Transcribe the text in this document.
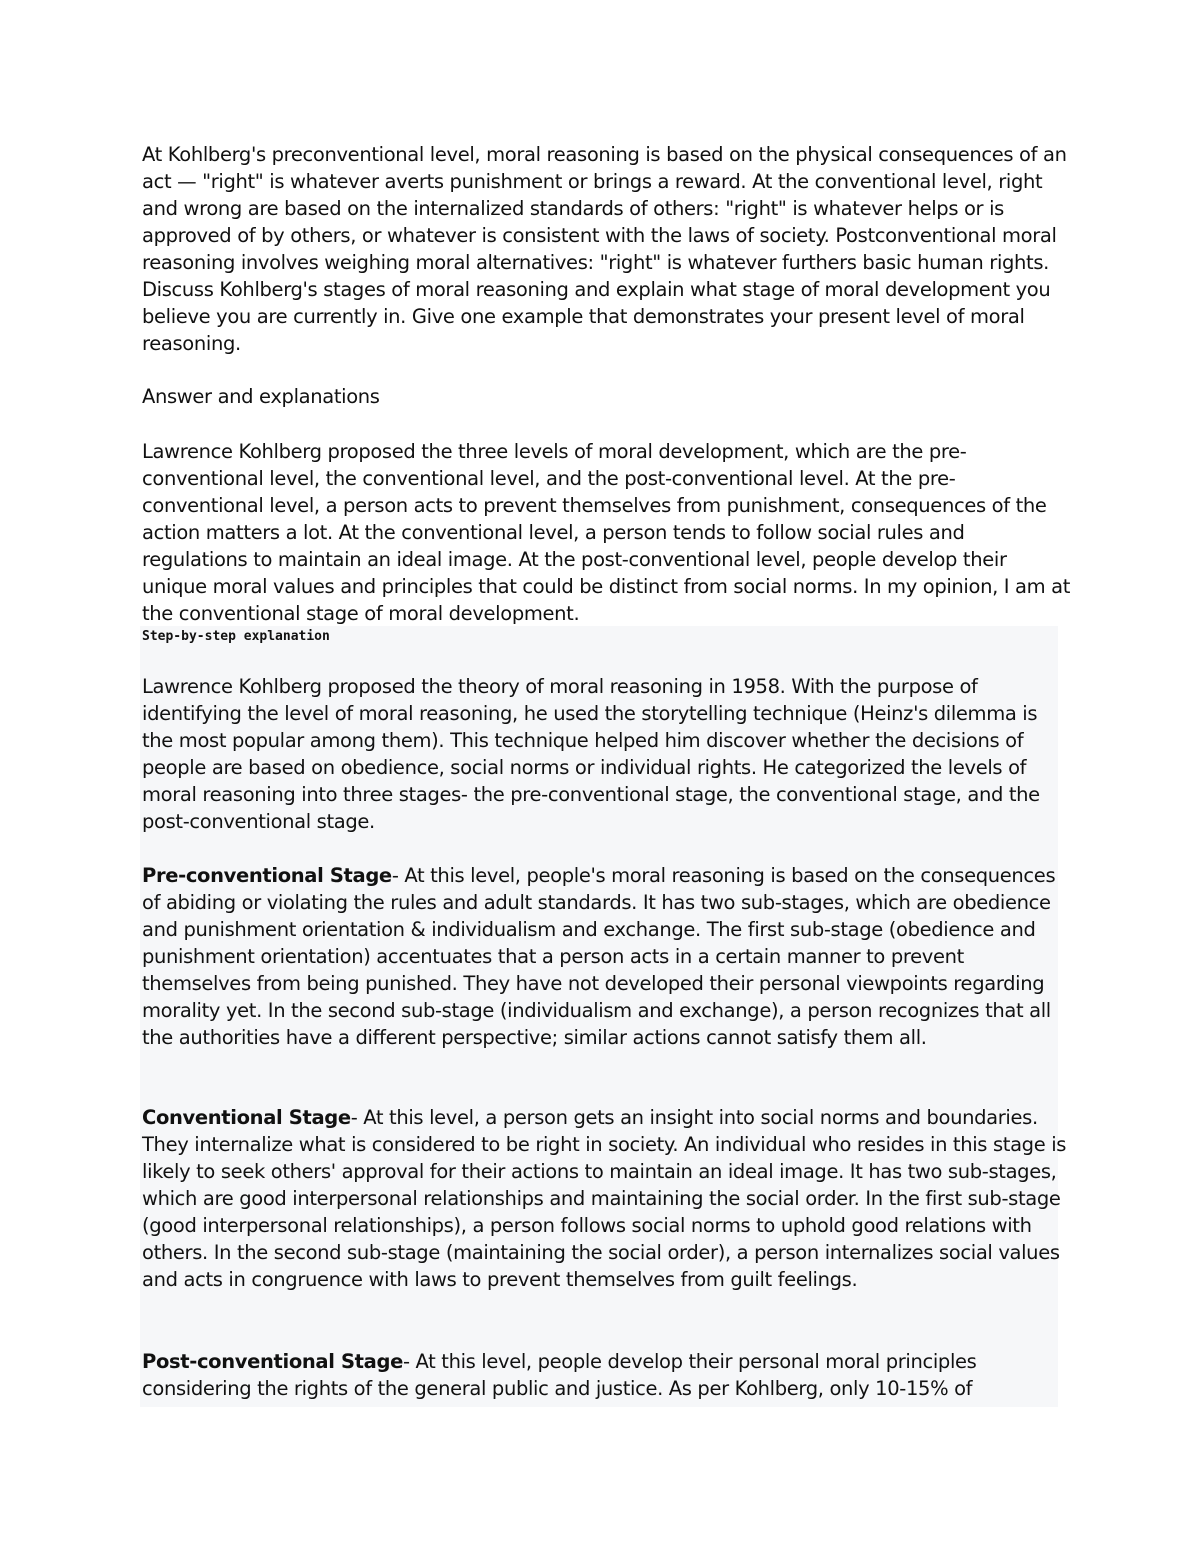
At Kohlberg's preconventional level, moral reasoning is based on the physical consequences of an act — "right" is whatever averts punishment or brings a reward. At the conventional level, right and wrong are based on the internalized standards of others: "right" is whatever helps or is approved of by others, or whatever is consistent with the laws of society. Postconventional moral reasoning involves weighing moral alternatives: "right" is whatever furthers basic human rights. Discuss Kohlberg's stages of moral reasoning and explain what stage of moral development you believe you are currently in. Give one example that demonstrates your present level of moral reasoning.

Answer and explanations

Lawrence Kohlberg proposed the three levels of moral development, which are the pre-conventional level, the conventional level, and the post-conventional level. At the pre-conventional level, a person acts to prevent themselves from punishment, consequences of the action matters a lot. At the conventional level, a person tends to follow social rules and regulations to maintain an ideal image. At the post-conventional level, people develop their unique moral values and principles that could be distinct from social norms. In my opinion, I am at the conventional stage of moral development.

Step-by-step explanation

Lawrence Kohlberg proposed the theory of moral reasoning in 1958. With the purpose of identifying the level of moral reasoning, he used the storytelling technique (Heinz's dilemma is the most popular among them). This technique helped him discover whether the decisions of people are based on obedience, social norms or individual rights. He categorized the levels of moral reasoning into three stages- the pre-conventional stage, the conventional stage, and the post-conventional stage.

Pre-conventional Stage- At this level, people's moral reasoning is based on the consequences of abiding or violating the rules and adult standards. It has two sub-stages, which are obedience and punishment orientation & individualism and exchange. The first sub-stage (obedience and punishment orientation) accentuates that a person acts in a certain manner to prevent themselves from being punished. They have not developed their personal viewpoints regarding morality yet. In the second sub-stage (individualism and exchange), a person recognizes that all the authorities have a different perspective; similar actions cannot satisfy them all.

Conventional Stage- At this level, a person gets an insight into social norms and boundaries. They internalize what is considered to be right in society. An individual who resides in this stage is likely to seek others' approval for their actions to maintain an ideal image. It has two sub-stages, which are good interpersonal relationships and maintaining the social order. In the first sub-stage (good interpersonal relationships), a person follows social norms to uphold good relations with others. In the second sub-stage (maintaining the social order), a person internalizes social values and acts in congruence with laws to prevent themselves from guilt feelings.

Post-conventional Stage- At this level, people develop their personal moral principles considering the rights of the general public and justice. As per Kohlberg, only 10-15% of
